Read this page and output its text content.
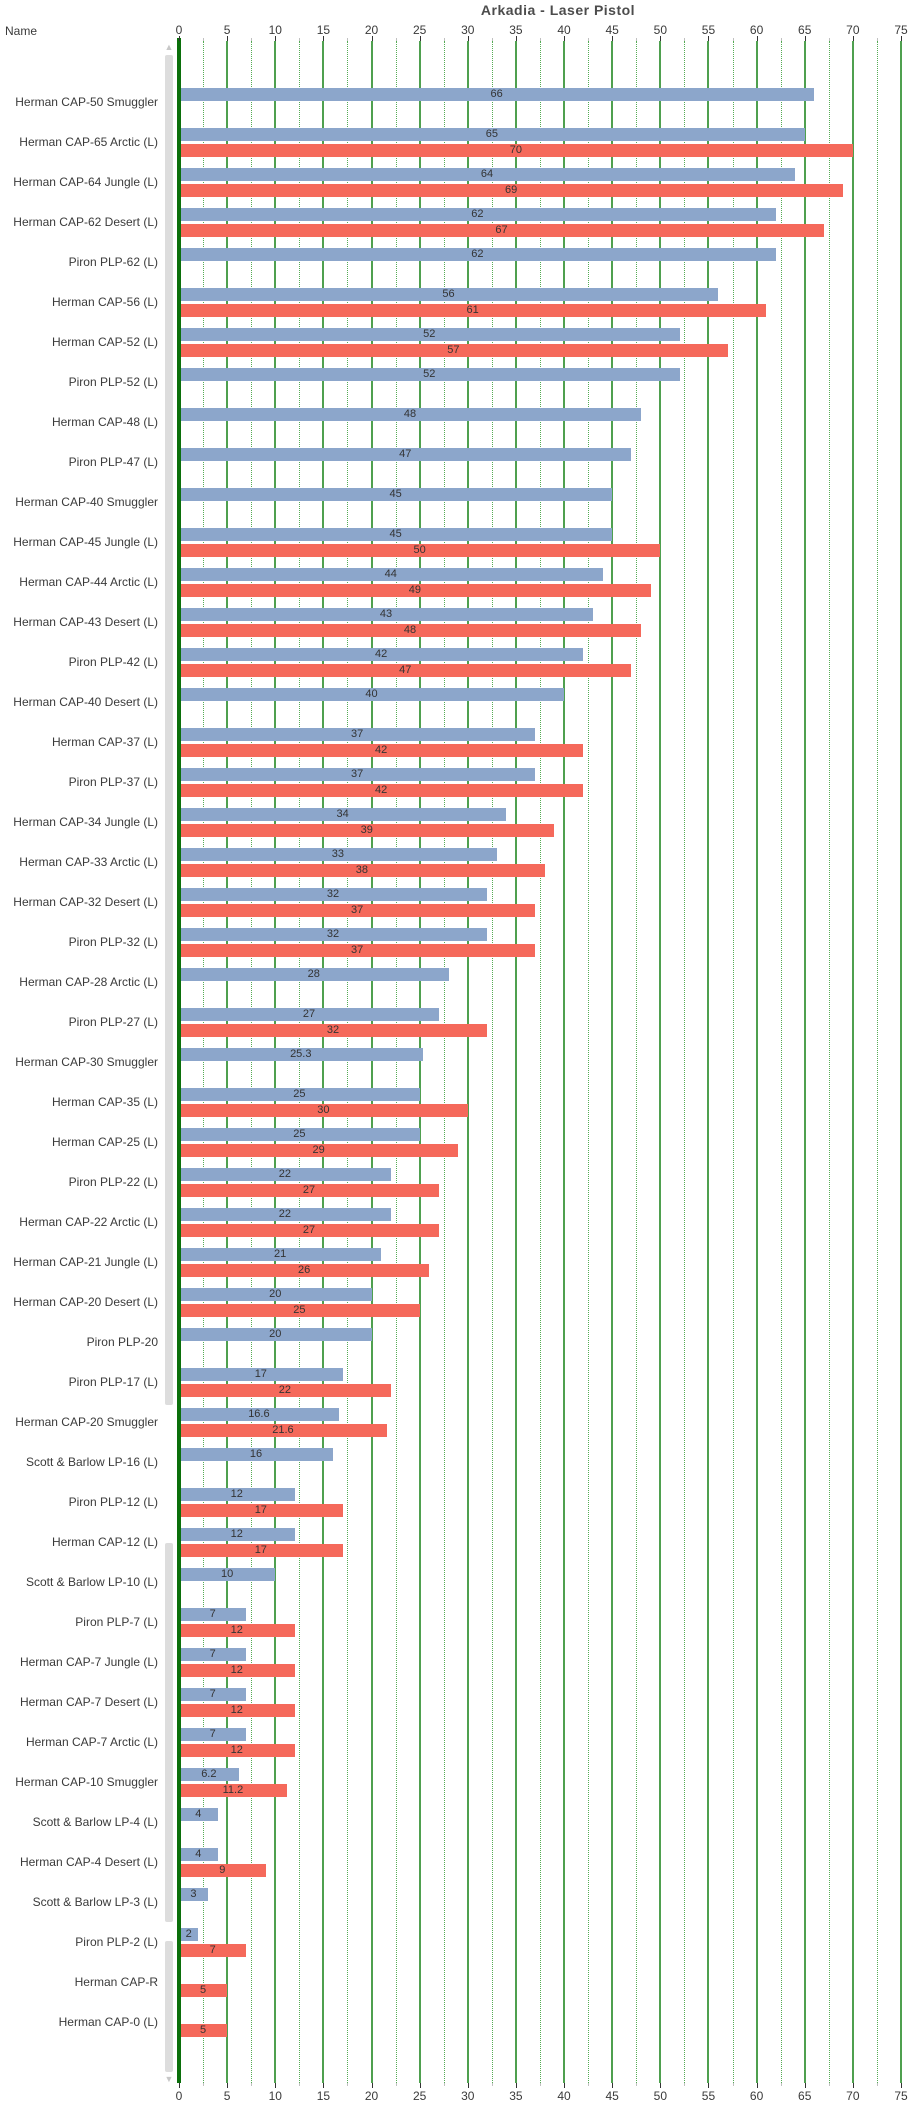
Arkadia - Laser Pistol
Name	0
0
5
5
10
10
15
15
20
20
25
25
30
30
35
35
40
40
45
45
50
50
55
55
60
60
65
65
70
70
75
75
Herman CAP-50 Smuggler
66
Herman CAP-65 Arctic (L)
65
70
Herman CAP-64 Jungle (L)
64
69
Herman CAP-62 Desert (L)
62
67
Piron PLP-62 (L)
62
Herman CAP-56 (L)
56
61
Herman CAP-52 (L)
52
57
Piron PLP-52 (L)
52
Herman CAP-48 (L)
48
Piron PLP-47 (L)
47
Herman CAP-40 Smuggler
45
Herman CAP-45 Jungle (L)
45
50
Herman CAP-44 Arctic (L)
44
49
Herman CAP-43 Desert (L)
43
48
Piron PLP-42 (L)
42
47
Herman CAP-40 Desert (L)
40
Herman CAP-37 (L)
37
42
Piron PLP-37 (L)
37
42
Herman CAP-34 Jungle (L)
34
39
Herman CAP-33 Arctic (L)
33
38
Herman CAP-32 Desert (L)
32
37
Piron PLP-32 (L)
32
37
Herman CAP-28 Arctic (L)
28
Piron PLP-27 (L)
27
32
Herman CAP-30 Smuggler
25.3
Herman CAP-35 (L)
25
30
Herman CAP-25 (L)
25
29
Piron PLP-22 (L)
22
27
Herman CAP-22 Arctic (L)
22
27
Herman CAP-21 Jungle (L)
21
26
Herman CAP-20 Desert (L)
20
25
Piron PLP-20
20
Piron PLP-17 (L)
17
22
Herman CAP-20 Smuggler
16.6
21.6
Scott & Barlow LP-16 (L)
16
Piron PLP-12 (L)
12
17
Herman CAP-12 (L)
12
17
Scott & Barlow LP-10 (L)
10
Piron PLP-7 (L)
7
12
Herman CAP-7 Jungle (L)
7
12
Herman CAP-7 Desert (L)
7
12
Herman CAP-7 Arctic (L)
7
12
Herman CAP-10 Smuggler
6.2
11.2
Scott & Barlow LP-4 (L)
4
Herman CAP-4 Desert (L)
4
9
Scott & Barlow LP-3 (L)
3
Piron PLP-2 (L)
2
7
Herman CAP-R
5
Herman CAP-0 (L)
5
▲
▼
